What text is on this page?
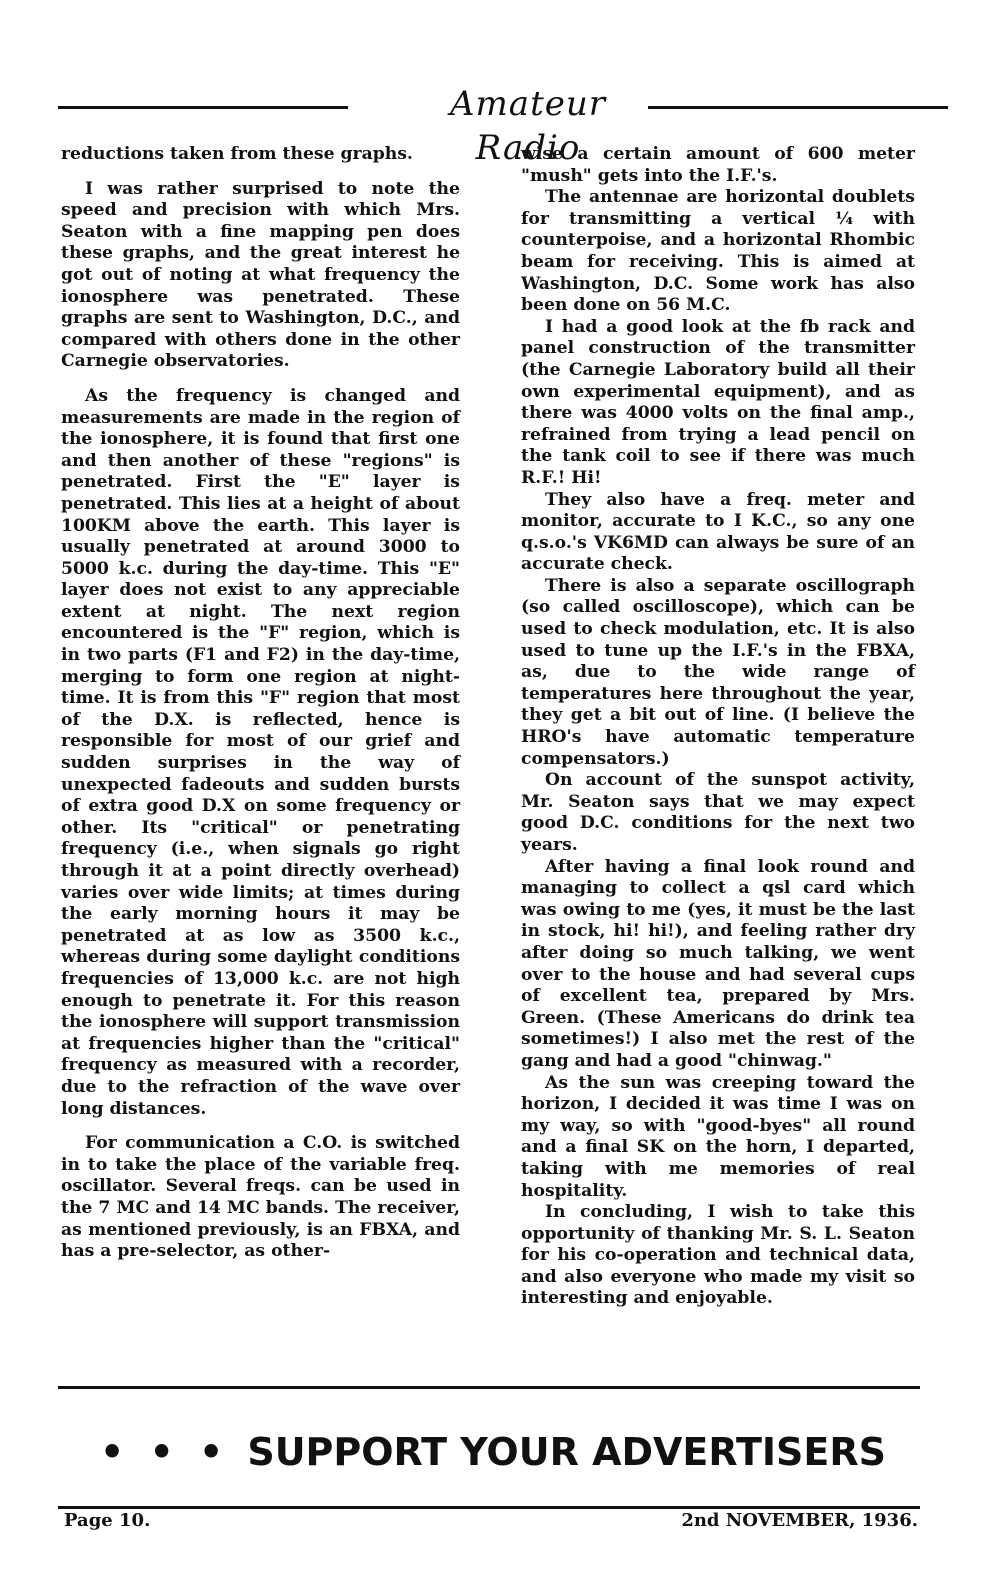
Amateur Radio

reductions taken from these graphs.

I was rather surprised to note the speed and precision with which Mrs. Seaton with a fine mapping pen does these graphs, and the great interest he got out of noting at what frequency the ionosphere was penetrated. These graphs are sent to Washington, D.C., and compared with others done in the other Carnegie observatories.

As the frequency is changed and measurements are made in the region of the ionosphere, it is found that first one and then another of these "regions" is penetrated. First the "E" layer is penetrated. This lies at a height of about 100KM above the earth. This layer is usually penetrated at around 3000 to 5000 k.c. during the day-time. This "E" layer does not exist to any appreciable extent at night. The next region encountered is the "F" region, which is in two parts (F1 and F2) in the day-time, merging to form one region at night-time. It is from this "F" region that most of the D.X. is reflected, hence is responsible for most of our grief and sudden surprises in the way of unexpected fadeouts and sudden bursts of extra good D.X on some frequency or other. Its "critical" or penetrating frequency (i.e., when signals go right through it at a point directly overhead) varies over wide limits; at times during the early morning hours it may be penetrated at as low as 3500 k.c., whereas during some daylight conditions frequencies of 13,000 k.c. are not high enough to penetrate it. For this reason the ionosphere will support transmission at frequencies higher than the "critical" frequency as measured with a recorder, due to the refraction of the wave over long distances.

For communication a C.O. is switched in to take the place of the variable freq. oscillator. Several freqs. can be used in the 7 MC and 14 MC bands. The receiver, as mentioned previously, is an FBXA, and has a pre-selector, as other-

wise a certain amount of 600 meter "mush" gets into the I.F.'s.

The antennae are horizontal doublets for transmitting a vertical ¼ with counterpoise, and a horizontal Rhombic beam for receiving. This is aimed at Washington, D.C. Some work has also been done on 56 M.C.

I had a good look at the fb rack and panel construction of the transmitter (the Carnegie Laboratory build all their own experimental equipment), and as there was 4000 volts on the final amp., refrained from trying a lead pencil on the tank coil to see if there was much R.F.! Hi!

They also have a freq. meter and monitor, accurate to I K.C., so any one q.s.o.'s VK6MD can always be sure of an accurate check.

There is also a separate oscillograph (so called oscilloscope), which can be used to check modulation, etc. It is also used to tune up the I.F.'s in the FBXA, as, due to the wide range of temperatures here throughout the year, they get a bit out of line. (I believe the HRO's have automatic temperature compensators.)

On account of the sunspot activity, Mr. Seaton says that we may expect good D.C. conditions for the next two years.

After having a final look round and managing to collect a qsl card which was owing to me (yes, it must be the last in stock, hi! hi!), and feeling rather dry after doing so much talking, we went over to the house and had several cups of excellent tea, prepared by Mrs. Green. (These Americans do drink tea sometimes!) I also met the rest of the gang and had a good "chinwag."

As the sun was creeping toward the horizon, I decided it was time I was on my way, so with "good-byes" all round and a final SK on the horn, I departed, taking with me memories of real hospitality.

In concluding, I wish to take this opportunity of thanking Mr. S. L. Seaton for his co-operation and technical data, and also everyone who made my visit so interesting and enjoyable.

• • • SUPPORT YOUR ADVERTISERS
Page 10.	2nd NOVEMBER, 1936.
